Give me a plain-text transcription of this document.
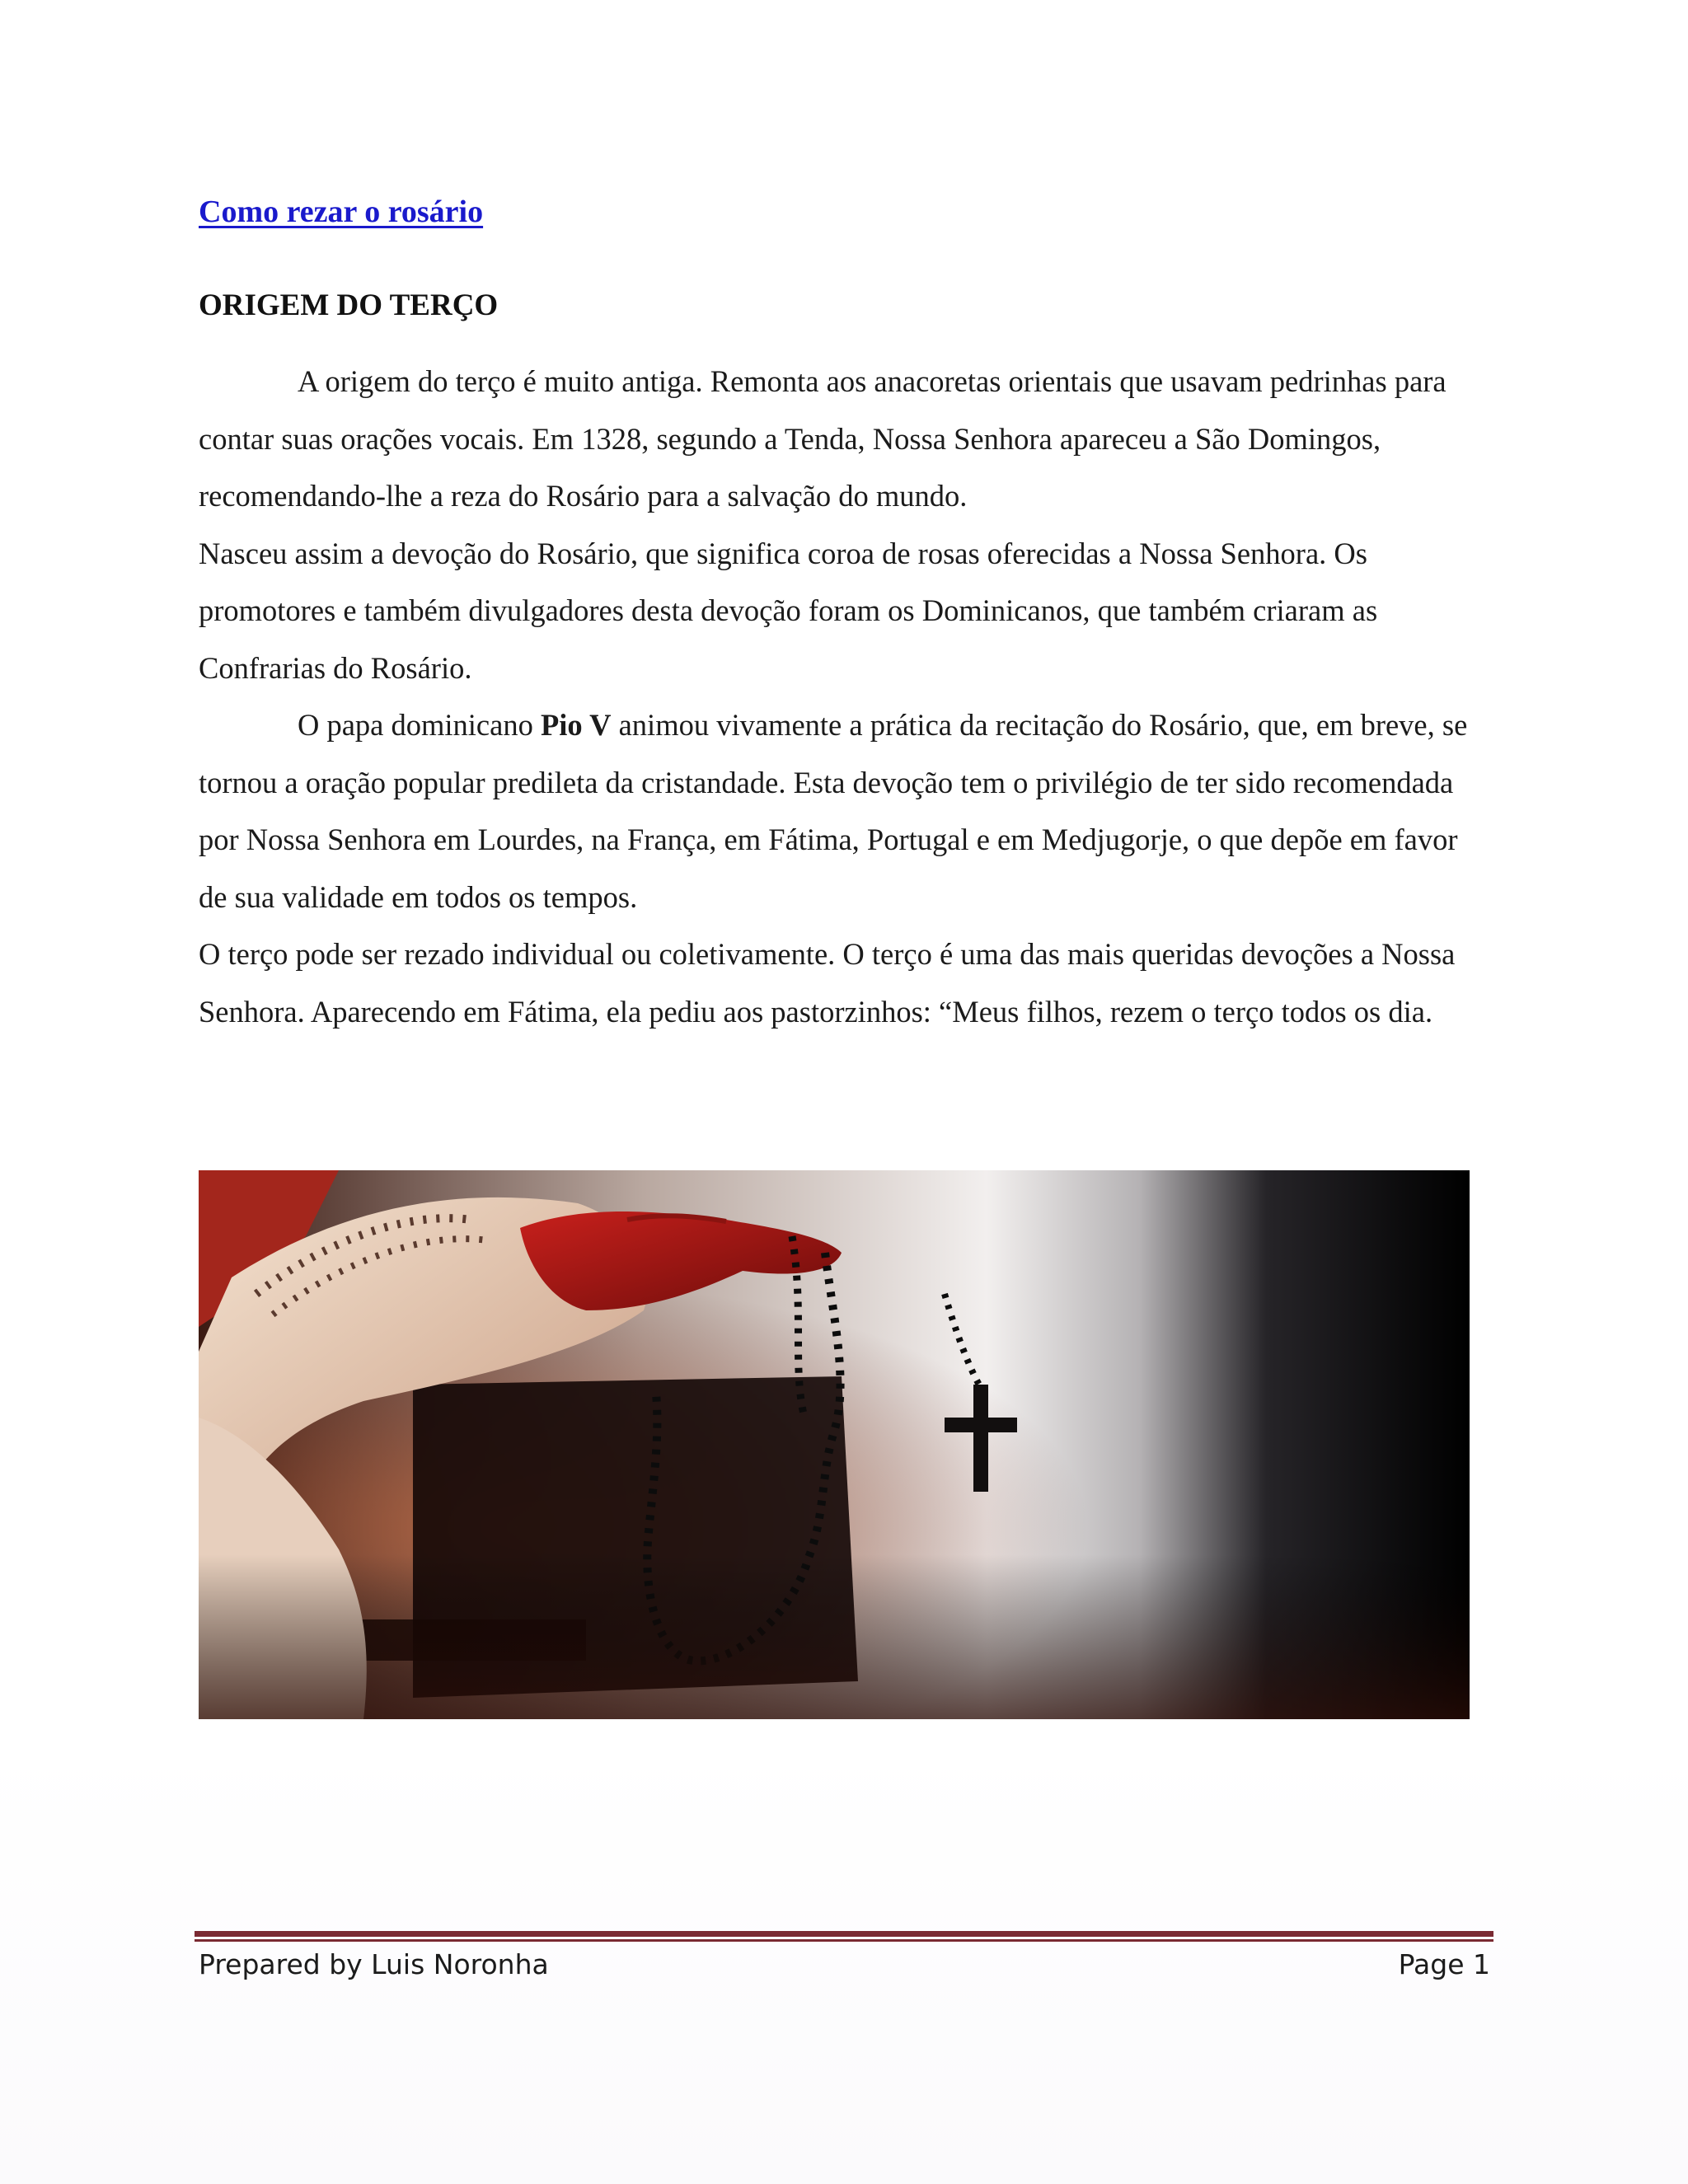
Como rezar o rosário
ORIGEM DO TERÇO

A origem do terço é muito antiga. Remonta aos anacoretas orientais que usavam pedrinhas para contar suas orações vocais. Em 1328, segundo a Tenda, Nossa Senhora apareceu a São Domingos, recomendando-lhe a reza do Rosário para a salvação do mundo.

Nasceu assim a devoção do Rosário, que significa coroa de rosas oferecidas a Nossa Senhora. Os promotores e também divulgadores desta devoção foram os Dominicanos, que também criaram as Confrarias do Rosário.

O papa dominicano Pio V animou vivamente a prática da recitação do Rosário, que, em breve, se tornou a oração popular predileta da cristandade. Esta devoção tem o privilégio de ter sido recomendada por Nossa Senhora em Lourdes, na França, em Fátima, Portugal e em Medjugorje, o que depõe em favor de sua validade em todos os tempos.

O terço pode ser rezado individual ou coletivamente. O terço é uma das mais queridas devoções a Nossa Senhora. Aparecendo em Fátima, ela pediu aos pastorzinhos: “Meus filhos, rezem o terço todos os dia.

Prepared by Luis Noronha	Page 1
